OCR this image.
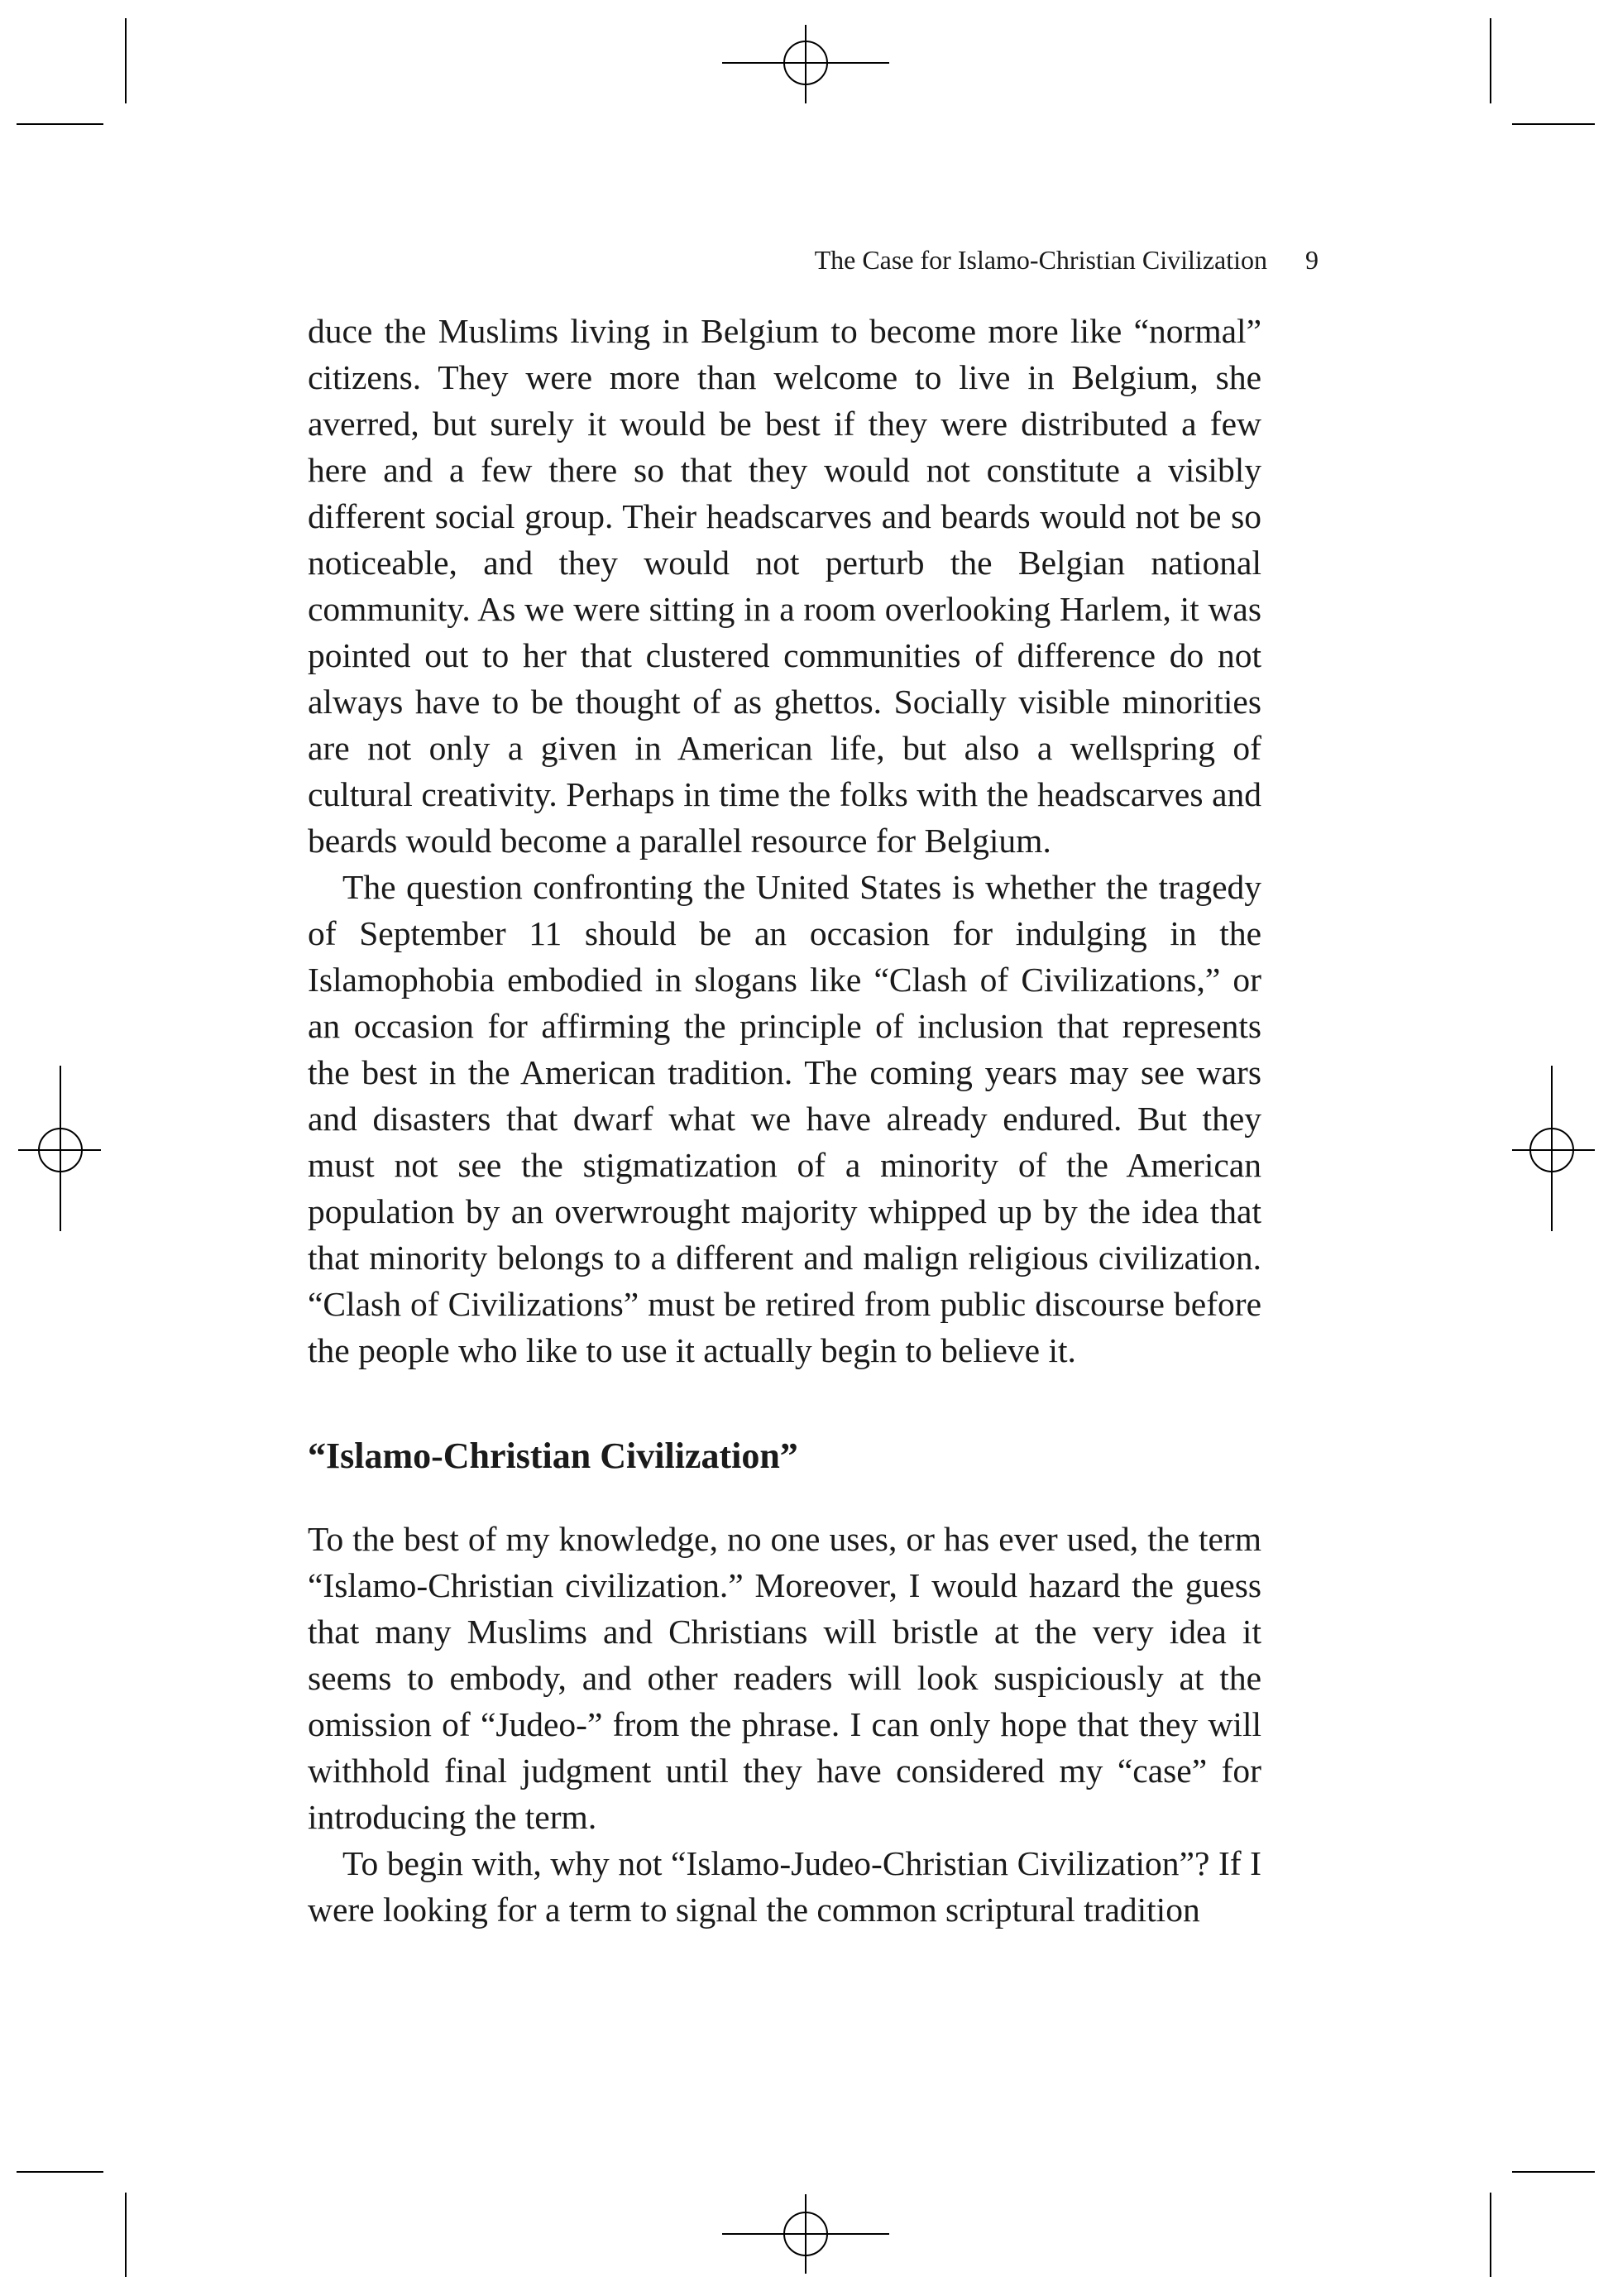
The Case for Islamo-Christian Civilization 9

duce the Muslims living in Belgium to become more like “normal” citizens. They were more than welcome to live in Belgium, she averred, but surely it would be best if they were distributed a few here and a few there so that they would not constitute a visibly different social group. Their headscarves and beards would not be so noticeable, and they would not perturb the Belgian national community. As we were sitting in a room overlooking Harlem, it was pointed out to her that clustered communities of difference do not always have to be thought of as ghettos. Socially visible minorities are not only a given in American life, but also a wellspring of cultural creativity. Perhaps in time the folks with the headscarves and beards would become a parallel resource for Belgium.

The question confronting the United States is whether the tragedy of September 11 should be an occasion for indulging in the Islamophobia embodied in slogans like “Clash of Civilizations,” or an occasion for affirming the principle of inclusion that represents the best in the American tradition. The coming years may see wars and disasters that dwarf what we have already endured. But they must not see the stigmatization of a minority of the American population by an overwrought majority whipped up by the idea that that minority belongs to a different and malign religious civilization. “Clash of Civilizations” must be retired from public discourse before the people who like to use it actually begin to believe it.

“Islamo-Christian Civilization”

To the best of my knowledge, no one uses, or has ever used, the term “Islamo-Christian civilization.” Moreover, I would hazard the guess that many Muslims and Christians will bristle at the very idea it seems to embody, and other readers will look suspiciously at the omission of “Judeo-” from the phrase. I can only hope that they will withhold final judgment until they have considered my “case” for introducing the term.

To begin with, why not “Islamo-Judeo-Christian Civilization”? If I were looking for a term to signal the common scriptural tradition
